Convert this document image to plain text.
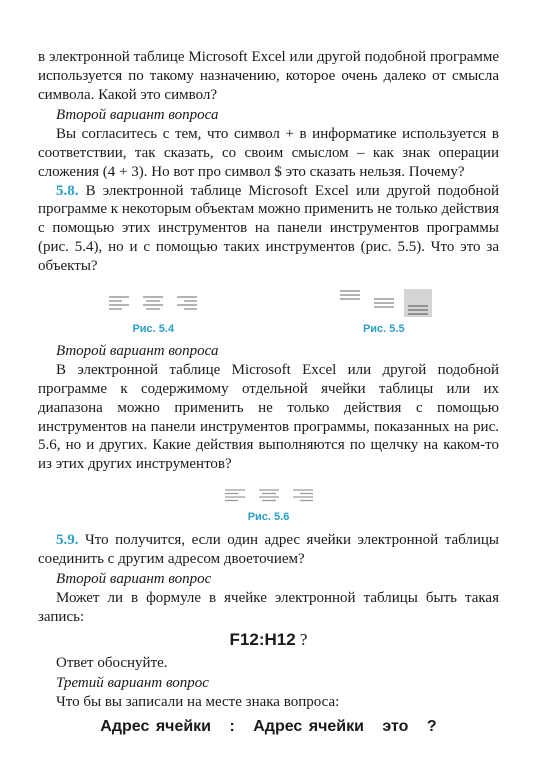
в электронной таблице Microsoft Excel или другой подобной программе используется по такому назначению, которое очень далеко от смысла символа. Какой это символ?

Второй вариант вопроса

Вы согласитесь с тем, что символ + в информатике используется в соответствии, так сказать, со своим смыслом – как знак операции сложения (4 + 3). Но вот про символ $ это сказать нельзя. Почему?

5.8. В электронной таблице Microsoft Excel или другой подобной программе к некоторым объектам можно применить не только действия с помощью этих инструментов на панели инструментов программы (рис. 5.4), но и с помощью таких инструментов (рис. 5.5). Что это за объекты?

Рис. 5.4	Рис. 5.5

Второй вариант вопроса

В электронной таблице Microsoft Excel или другой подобной программе к содержимому отдельной ячейки таблицы или их диапазона можно применить не только действия с помощью инструментов на панели инструментов программы, показанных на рис. 5.6, но и других. Какие действия выполняются по щелчку на каком-то из этих других инструментов?

Рис. 5.6

5.9. Что получится, если один адрес ячейки электронной таблицы соединить с другим адресом двоеточием?

Второй вариант вопрос

Может ли в формуле в ячейке электронной таблицы быть такая запись:

F12:H12 ?

Ответ обоснуйте.

Третий вариант вопрос

Что бы вы записали на месте знака вопроса:

Адрес ячейки : Адрес ячейки это ?
